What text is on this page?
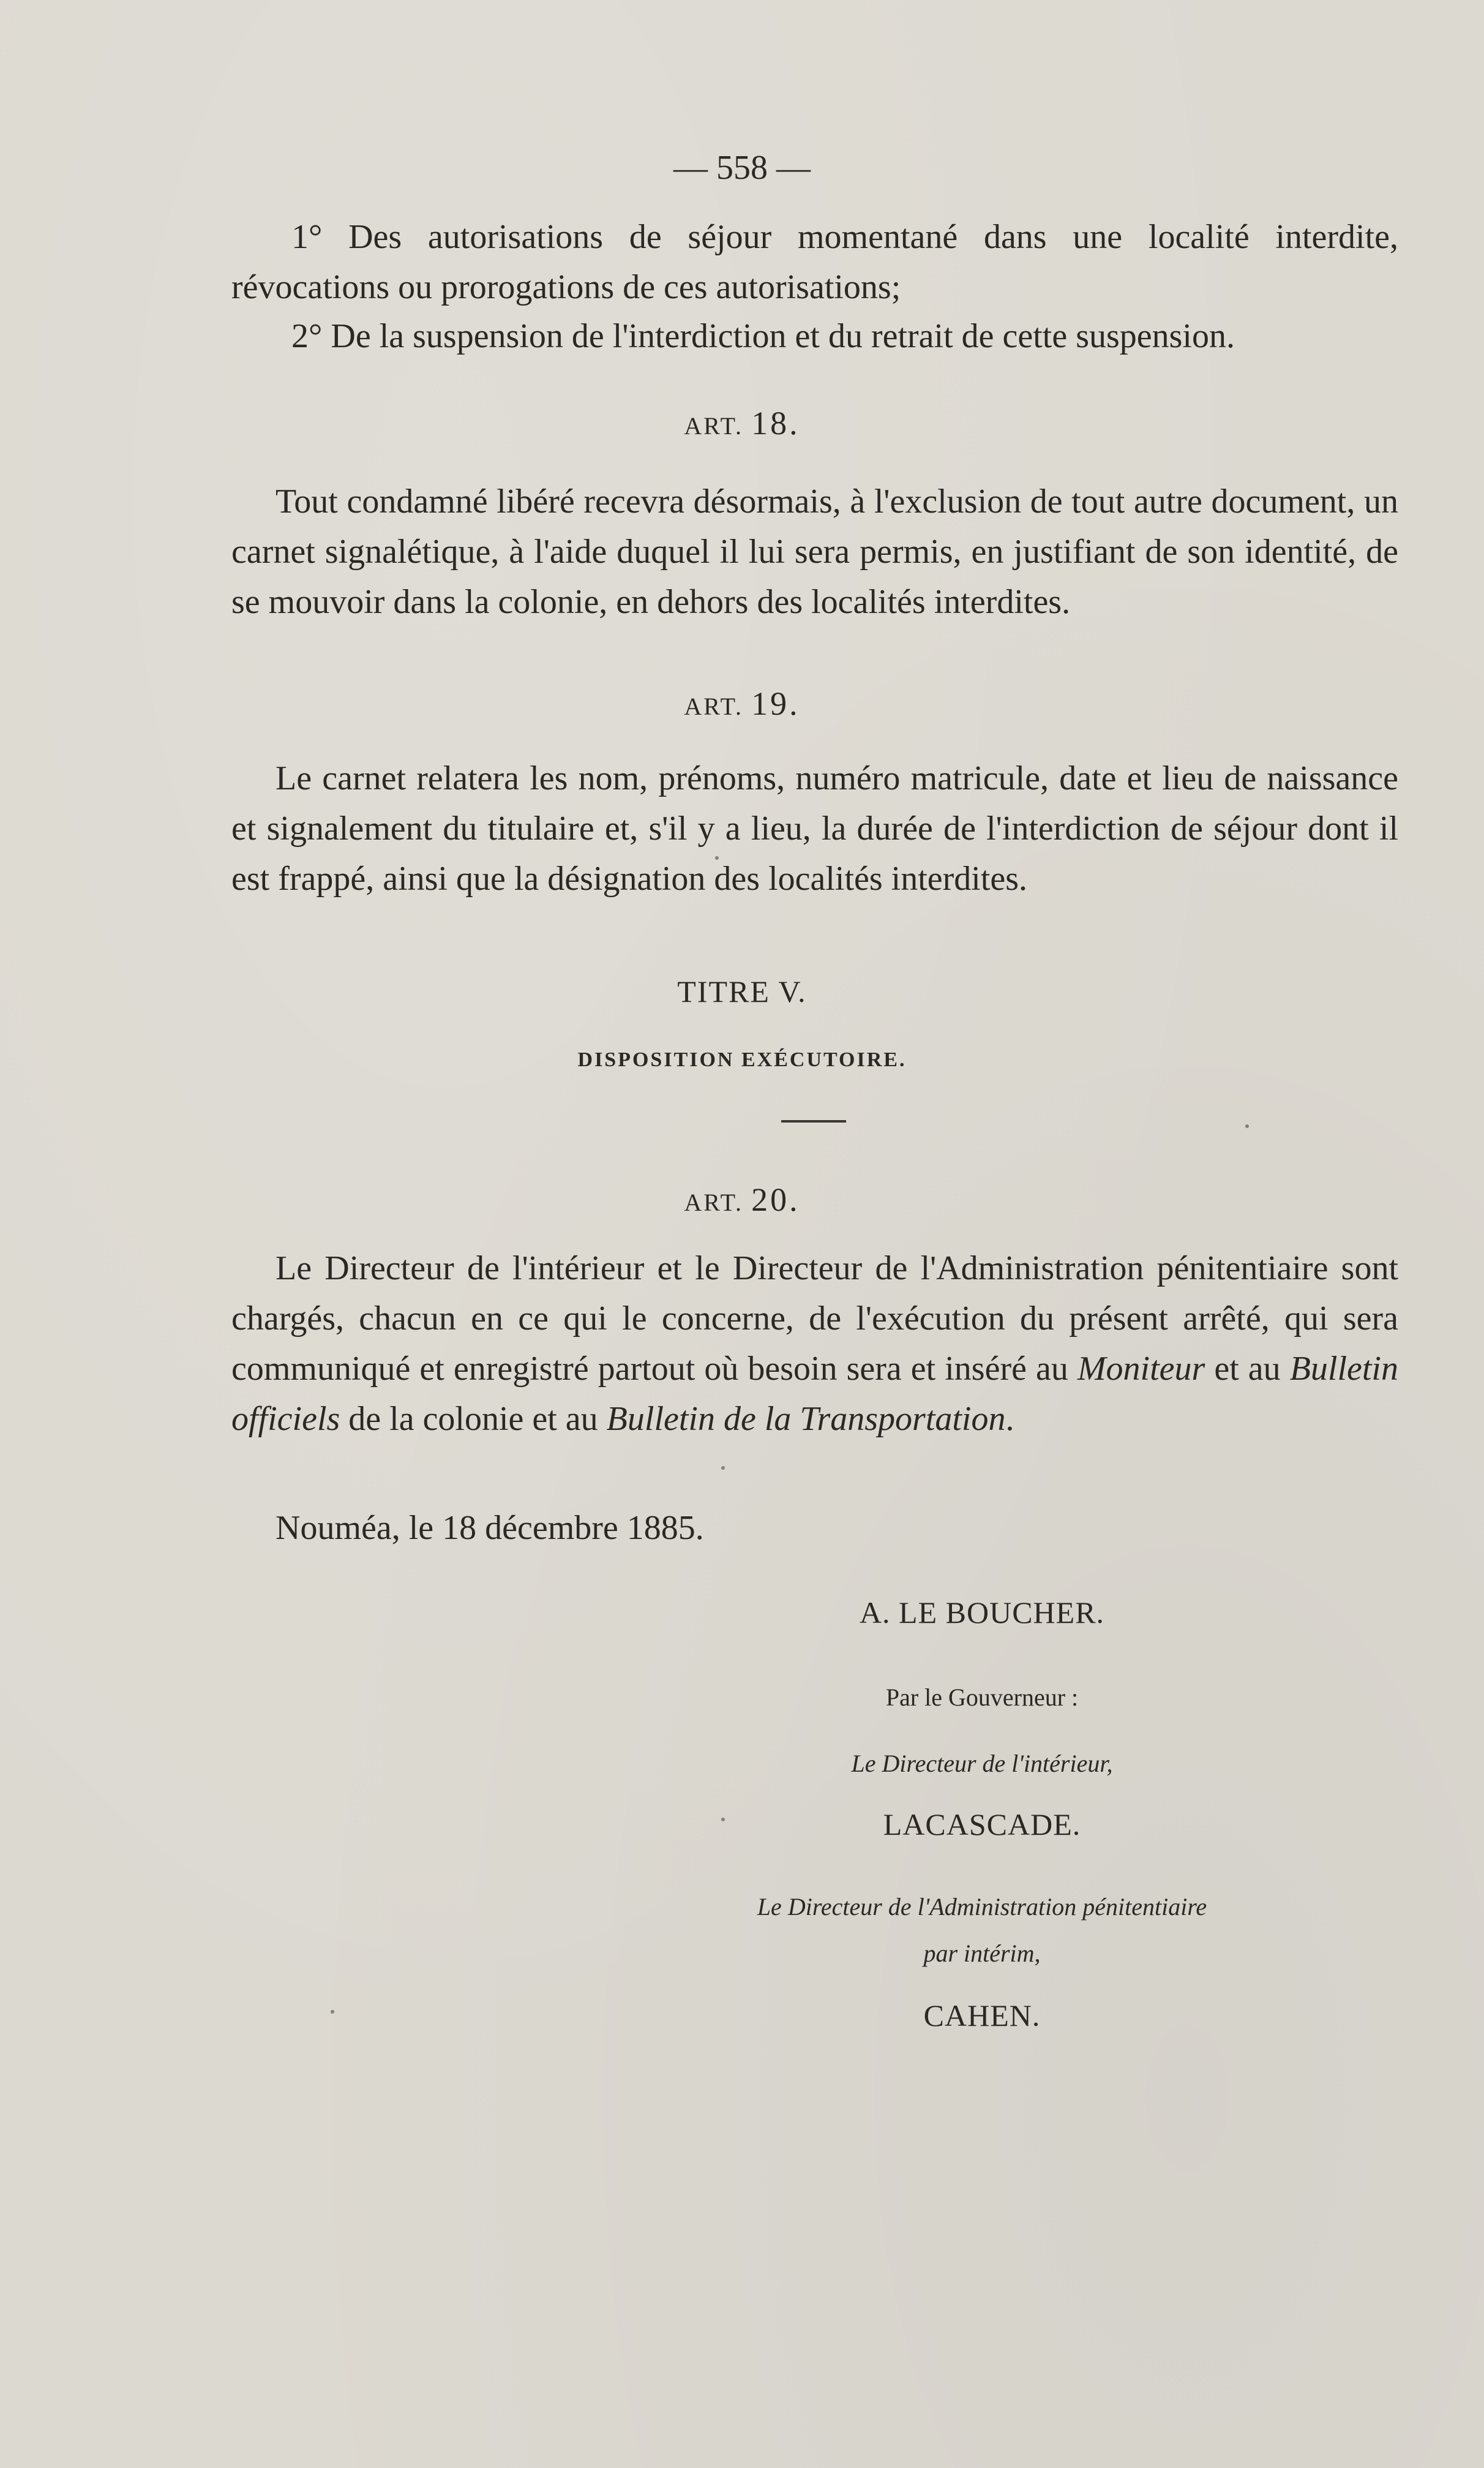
— 558 —
1° Des autorisations de séjour momentané dans une localité interdite, révocations ou prorogations de ces autorisations;
2° De la suspension de l'interdiction et du retrait de cette suspension.
ART. 18.
Tout condamné libéré recevra désormais, à l'exclusion de tout autre document, un carnet signalétique, à l'aide duquel il lui sera permis, en justifiant de son identité, de se mouvoir dans la colonie, en dehors des localités interdites.
ART. 19.
Le carnet relatera les nom, prénoms, numéro matricule, date et lieu de naissance et signalement du titulaire et, s'il y a lieu, la durée de l'interdiction de séjour dont il est frappé, ainsi que la désignation des localités interdites.
TITRE V.
DISPOSITION EXÉCUTOIRE.
ART. 20.
Le Directeur de l'intérieur et le Directeur de l'Administration pénitentiaire sont chargés, chacun en ce qui le concerne, de l'exécution du présent arrêté, qui sera communiqué et enregistré partout où besoin sera et inséré au Moniteur et au Bulletin officiels de la colonie et au Bulletin de la Transportation.
Nouméa, le 18 décembre 1885.
A. LE BOUCHER.
Par le Gouverneur :
Le Directeur de l'intérieur,
LACASCADE.
Le Directeur de l'Administration pénitentiaire
par intérim,
CAHEN.
